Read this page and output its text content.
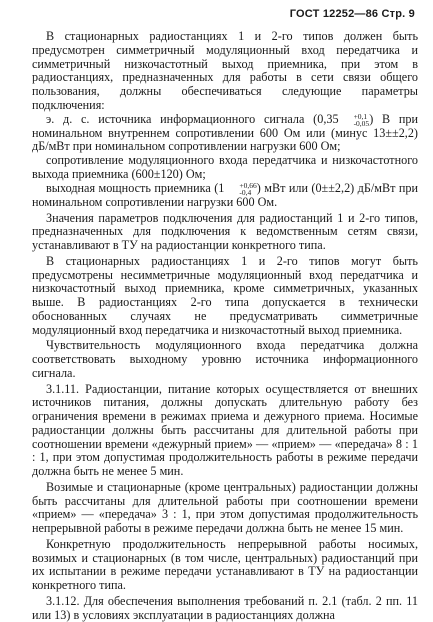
ГОСТ 12252—86 Стр. 9

В стационарных радиостанциях 1 и 2-го типов должен быть предусмотрен симметричный модуляционный вход передатчика и симметричный низкочастотный выход приемника, при этом в радиостанциях, предназначенных для работы в сети связи общего пользования, должны обеспечиваться следующие параметры подключения:

э. д. с. источника информационного сигнала (0,35	+0,1
-0,05 ) В при номинальном внутреннем сопротивлении 600 Ом или (минус 13±±2,2) дБ/мВт при номинальном сопротивлении нагрузки 600 Ом;

сопротивление модуляционного входа передатчика и низкочастотного выхода приемника (600±120) Ом;

выходная мощность приемника (1	+0,66
-0,4 ) мВт или (0±±2,2) дБ/мВт при номинальном сопротивлении нагрузки 600 Ом.

Значения параметров подключения для радиостанций 1 и 2-го типов, предназначенных для подключения к ведомственным сетям связи, устанавливают в ТУ на радиостанции конкретного типа.

В стационарных радиостанциях 1 и 2-го типов могут быть предусмотрены несимметричные модуляционный вход передатчика и низкочастотный выход приемника, кроме симметричных, указанных выше. В радиостанциях 2-го типа допускается в технически обоснованных случаях не предусматривать симметричные модуляционный вход передатчика и низкочастотный выход приемника.

Чувствительность модуляционного входа передатчика должна соответствовать выходному уровню источника информационного сигнала.

3.1.11. Радиостанции, питание которых осуществляется от внешних источников питания, должны допускать длительную работу без ограничения времени в режимах приема и дежурного приема. Носимые радиостанции должны быть рассчитаны для длительной работы при соотношении времени «дежурный прием» — «прием» — «передача» 8 : 1 : 1, при этом допустимая продолжительность работы в режиме передачи должна быть не менее 5 мин.

Возимые и стационарные (кроме центральных) радиостанции должны быть рассчитаны для длительной работы при соотношении времени «прием» — «передача» 3 : 1, при этом допустимая продолжительность непрерывной работы в режиме передачи должна быть не менее 15 мин.

Конкретную продолжительность непрерывной работы носимых, возимых и стационарных (в том числе, центральных) радиостанций при их испытании в режиме передачи устанавливают в ТУ на радиостанции конкретного типа.

3.1.12. Для обеспечения выполнения требований п. 2.1 (табл. 2 пп. 11 или 13) в условиях эксплуатации в радиостанциях должна
